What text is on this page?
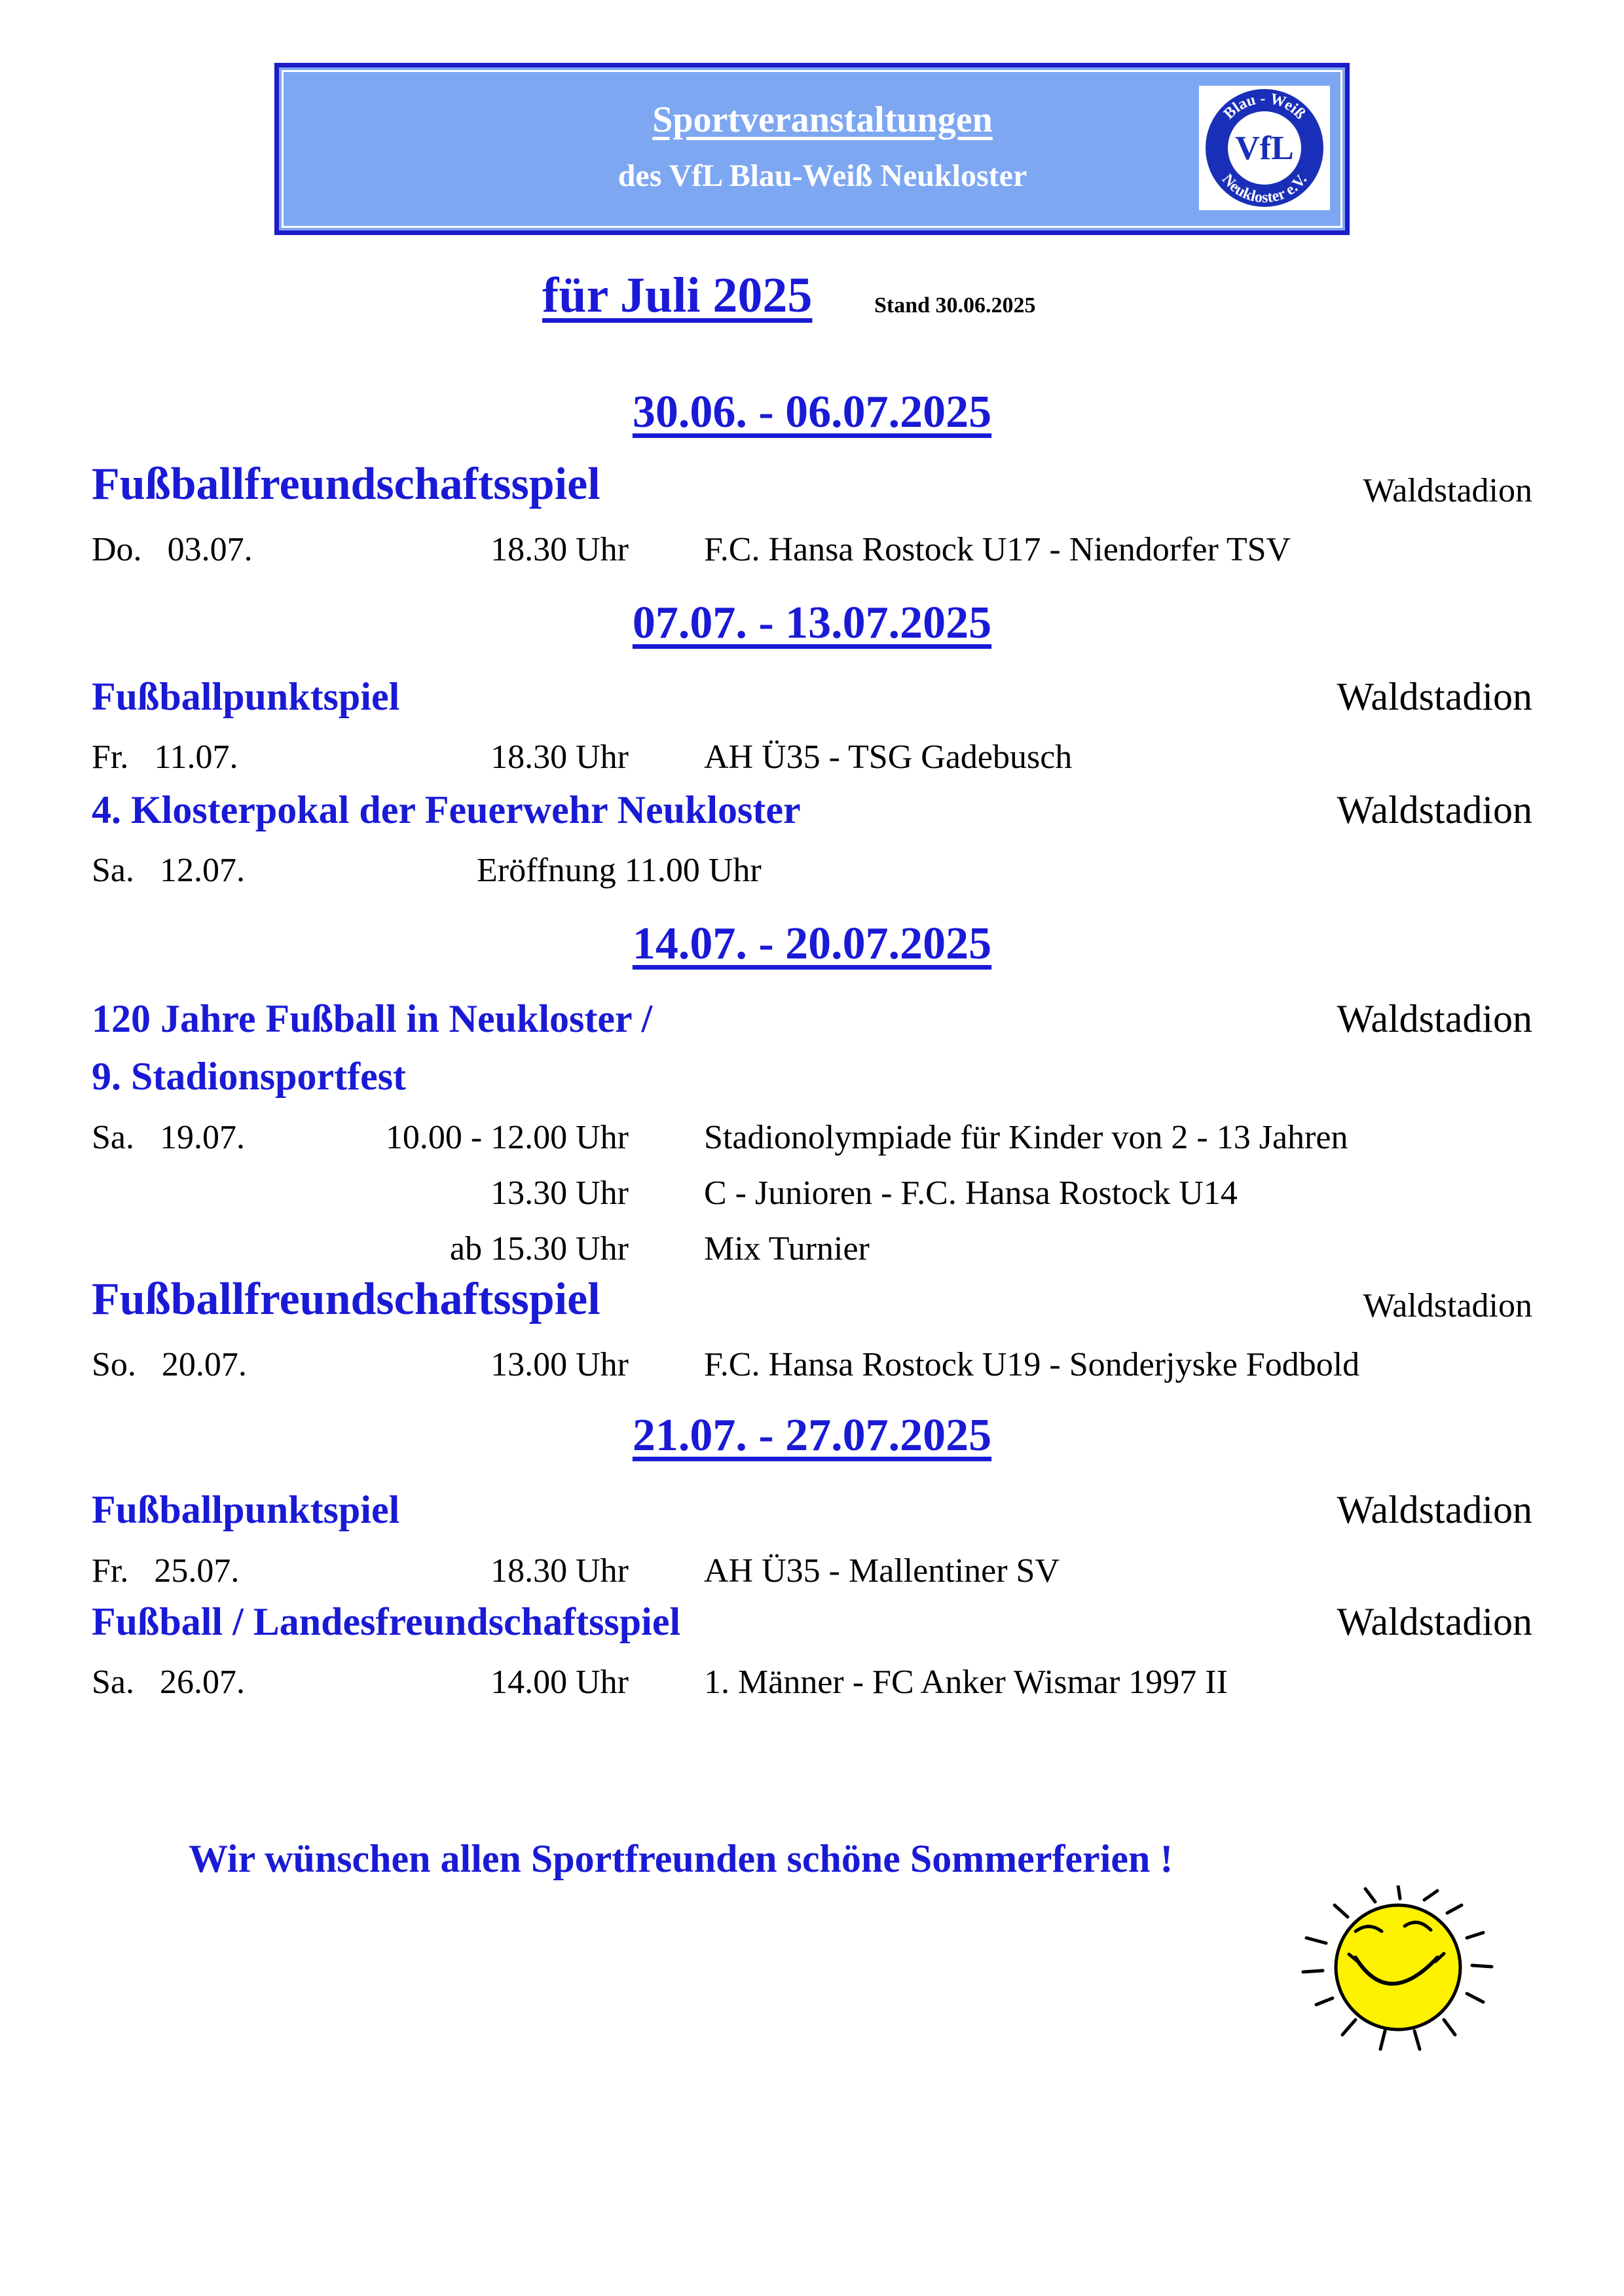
Sportveranstaltungen
des VfL Blau-Weiß Neukloster
VfL
Blau - Weiß
Neukloster e.V.
für Juli 2025	Stand 30.06.2025
30.06. - 06.07.2025
Fußballfreundschaftsspiel	Waldstadion
Do. 03.07.	18.30 Uhr F.C. Hansa Rostock U17 - Niendorfer TSV
07.07. - 13.07.2025
Fußballpunktspiel	Waldstadion
Fr. 11.07.	18.30 Uhr AH Ü35 - TSG Gadebusch
4. Klosterpokal der Feuerwehr Neukloster	Waldstadion
Sa. 12.07.	Eröffnung 11.00 Uhr
14.07. - 20.07.2025
120 Jahre Fußball in Neukloster /	Waldstadion
9. Stadionsportfest
Sa. 19.07.	10.00 - 12.00 Uhr Stadionolympiade für Kinder von 2 - 13 Jahren
13.30 Uhr C - Junioren - F.C. Hansa Rostock U14
ab 15.30 Uhr Mix Turnier
Fußballfreundschaftsspiel	Waldstadion
So. 20.07.	13.00 Uhr F.C. Hansa Rostock U19 - Sonderjyske Fodbold
21.07. - 27.07.2025
Fußballpunktspiel	Waldstadion
Fr. 25.07.	18.30 Uhr AH Ü35 - Mallentiner SV
Fußball / Landesfreundschaftsspiel	Waldstadion
Sa. 26.07.	14.00 Uhr 1. Männer - FC Anker Wismar 1997 II
Wir wünschen allen Sportfreunden schöne Sommerferien !
